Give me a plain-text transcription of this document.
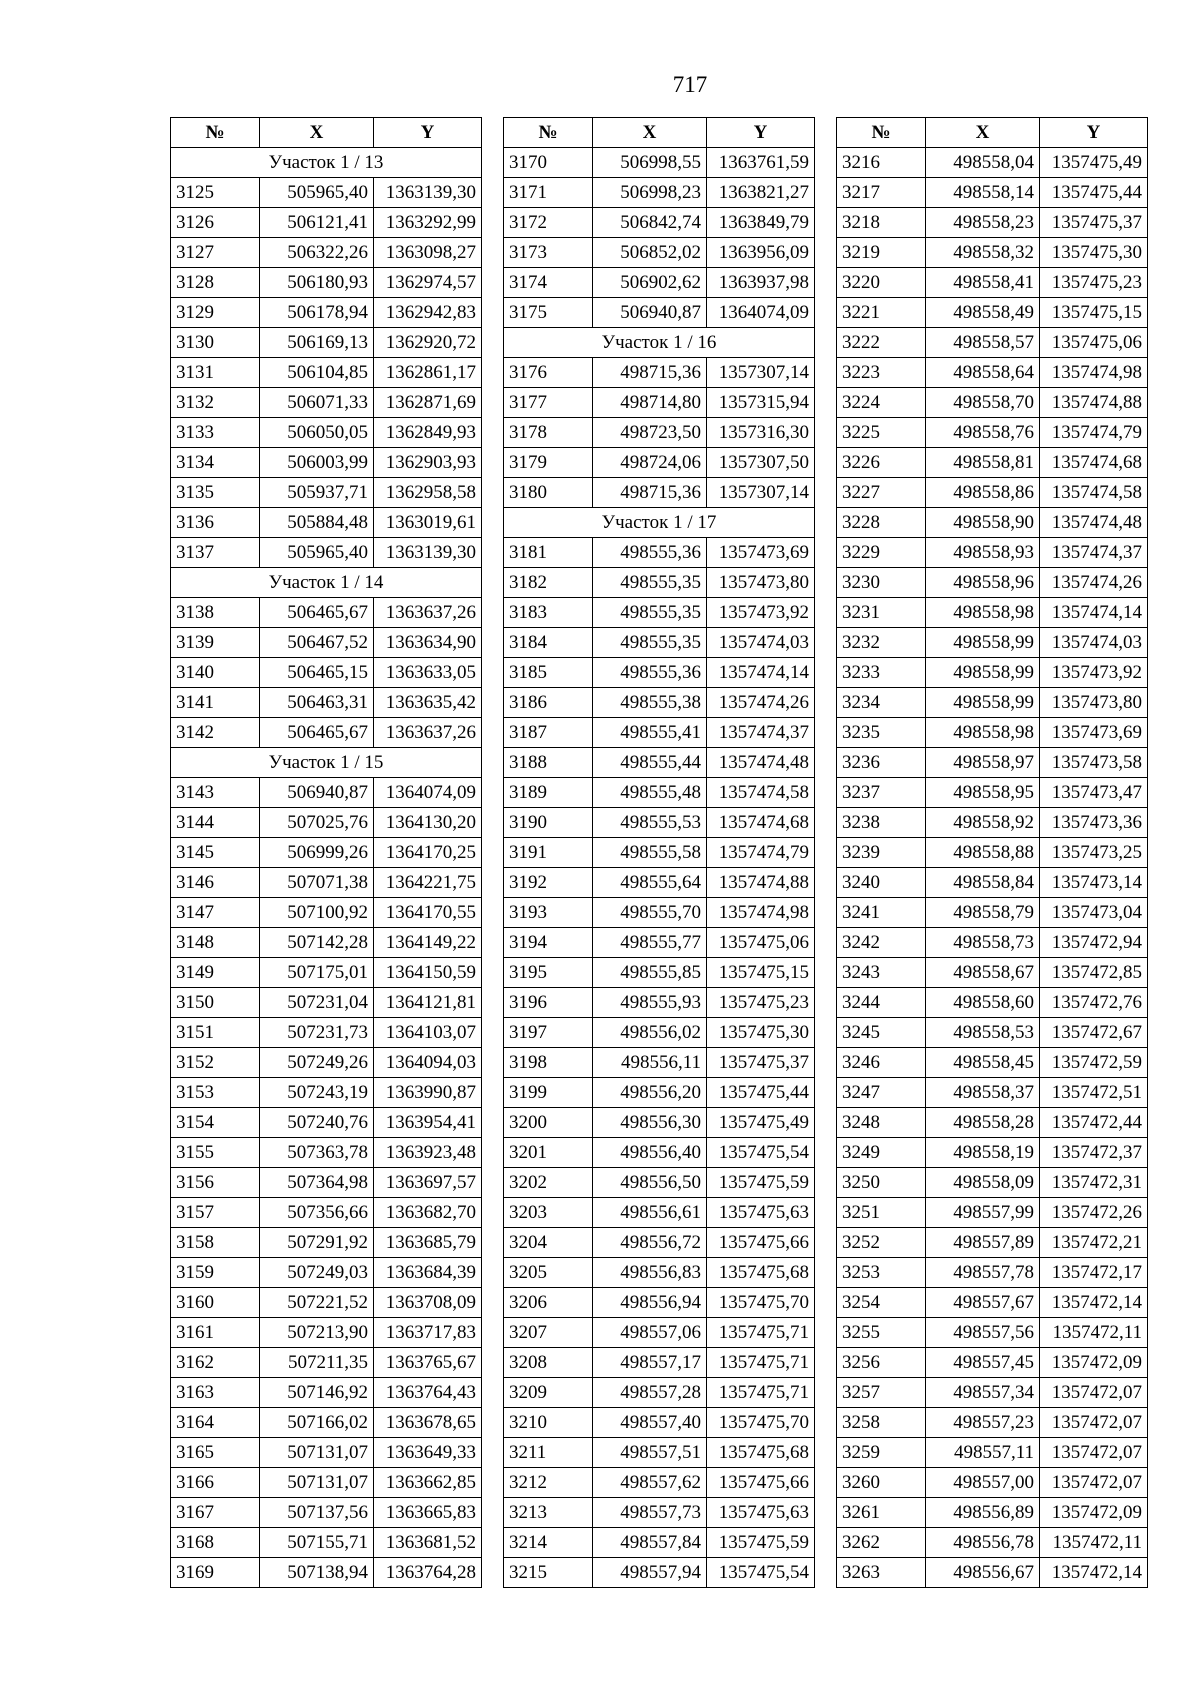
717
№	X	Y
Участок 1 / 13		
3125	505965,40	1363139,30
3126	506121,41	1363292,99
3127	506322,26	1363098,27
3128	506180,93	1362974,57
3129	506178,94	1362942,83
3130	506169,13	1362920,72
3131	506104,85	1362861,17
3132	506071,33	1362871,69
3133	506050,05	1362849,93
3134	506003,99	1362903,93
3135	505937,71	1362958,58
3136	505884,48	1363019,61
3137	505965,40	1363139,30
Участок 1 / 14		
3138	506465,67	1363637,26
3139	506467,52	1363634,90
3140	506465,15	1363633,05
3141	506463,31	1363635,42
3142	506465,67	1363637,26
Участок 1 / 15		
3143	506940,87	1364074,09
3144	507025,76	1364130,20
3145	506999,26	1364170,25
3146	507071,38	1364221,75
3147	507100,92	1364170,55
3148	507142,28	1364149,22
3149	507175,01	1364150,59
3150	507231,04	1364121,81
3151	507231,73	1364103,07
3152	507249,26	1364094,03
3153	507243,19	1363990,87
3154	507240,76	1363954,41
3155	507363,78	1363923,48
3156	507364,98	1363697,57
3157	507356,66	1363682,70
3158	507291,92	1363685,79
3159	507249,03	1363684,39
3160	507221,52	1363708,09
3161	507213,90	1363717,83
3162	507211,35	1363765,67
3163	507146,92	1363764,43
3164	507166,02	1363678,65
3165	507131,07	1363649,33
3166	507131,07	1363662,85
3167	507137,56	1363665,83
3168	507155,71	1363681,52
3169	507138,94	1363764,28
№	X	Y
3170	506998,55	1363761,59
3171	506998,23	1363821,27
3172	506842,74	1363849,79
3173	506852,02	1363956,09
3174	506902,62	1363937,98
3175	506940,87	1364074,09
Участок 1 / 16		
3176	498715,36	1357307,14
3177	498714,80	1357315,94
3178	498723,50	1357316,30
3179	498724,06	1357307,50
3180	498715,36	1357307,14
Участок 1 / 17		
3181	498555,36	1357473,69
3182	498555,35	1357473,80
3183	498555,35	1357473,92
3184	498555,35	1357474,03
3185	498555,36	1357474,14
3186	498555,38	1357474,26
3187	498555,41	1357474,37
3188	498555,44	1357474,48
3189	498555,48	1357474,58
3190	498555,53	1357474,68
3191	498555,58	1357474,79
3192	498555,64	1357474,88
3193	498555,70	1357474,98
3194	498555,77	1357475,06
3195	498555,85	1357475,15
3196	498555,93	1357475,23
3197	498556,02	1357475,30
3198	498556,11	1357475,37
3199	498556,20	1357475,44
3200	498556,30	1357475,49
3201	498556,40	1357475,54
3202	498556,50	1357475,59
3203	498556,61	1357475,63
3204	498556,72	1357475,66
3205	498556,83	1357475,68
3206	498556,94	1357475,70
3207	498557,06	1357475,71
3208	498557,17	1357475,71
3209	498557,28	1357475,71
3210	498557,40	1357475,70
3211	498557,51	1357475,68
3212	498557,62	1357475,66
3213	498557,73	1357475,63
3214	498557,84	1357475,59
3215	498557,94	1357475,54
№	X	Y
3216	498558,04	1357475,49
3217	498558,14	1357475,44
3218	498558,23	1357475,37
3219	498558,32	1357475,30
3220	498558,41	1357475,23
3221	498558,49	1357475,15
3222	498558,57	1357475,06
3223	498558,64	1357474,98
3224	498558,70	1357474,88
3225	498558,76	1357474,79
3226	498558,81	1357474,68
3227	498558,86	1357474,58
3228	498558,90	1357474,48
3229	498558,93	1357474,37
3230	498558,96	1357474,26
3231	498558,98	1357474,14
3232	498558,99	1357474,03
3233	498558,99	1357473,92
3234	498558,99	1357473,80
3235	498558,98	1357473,69
3236	498558,97	1357473,58
3237	498558,95	1357473,47
3238	498558,92	1357473,36
3239	498558,88	1357473,25
3240	498558,84	1357473,14
3241	498558,79	1357473,04
3242	498558,73	1357472,94
3243	498558,67	1357472,85
3244	498558,60	1357472,76
3245	498558,53	1357472,67
3246	498558,45	1357472,59
3247	498558,37	1357472,51
3248	498558,28	1357472,44
3249	498558,19	1357472,37
3250	498558,09	1357472,31
3251	498557,99	1357472,26
3252	498557,89	1357472,21
3253	498557,78	1357472,17
3254	498557,67	1357472,14
3255	498557,56	1357472,11
3256	498557,45	1357472,09
3257	498557,34	1357472,07
3258	498557,23	1357472,07
3259	498557,11	1357472,07
3260	498557,00	1357472,07
3261	498556,89	1357472,09
3262	498556,78	1357472,11
3263	498556,67	1357472,14
